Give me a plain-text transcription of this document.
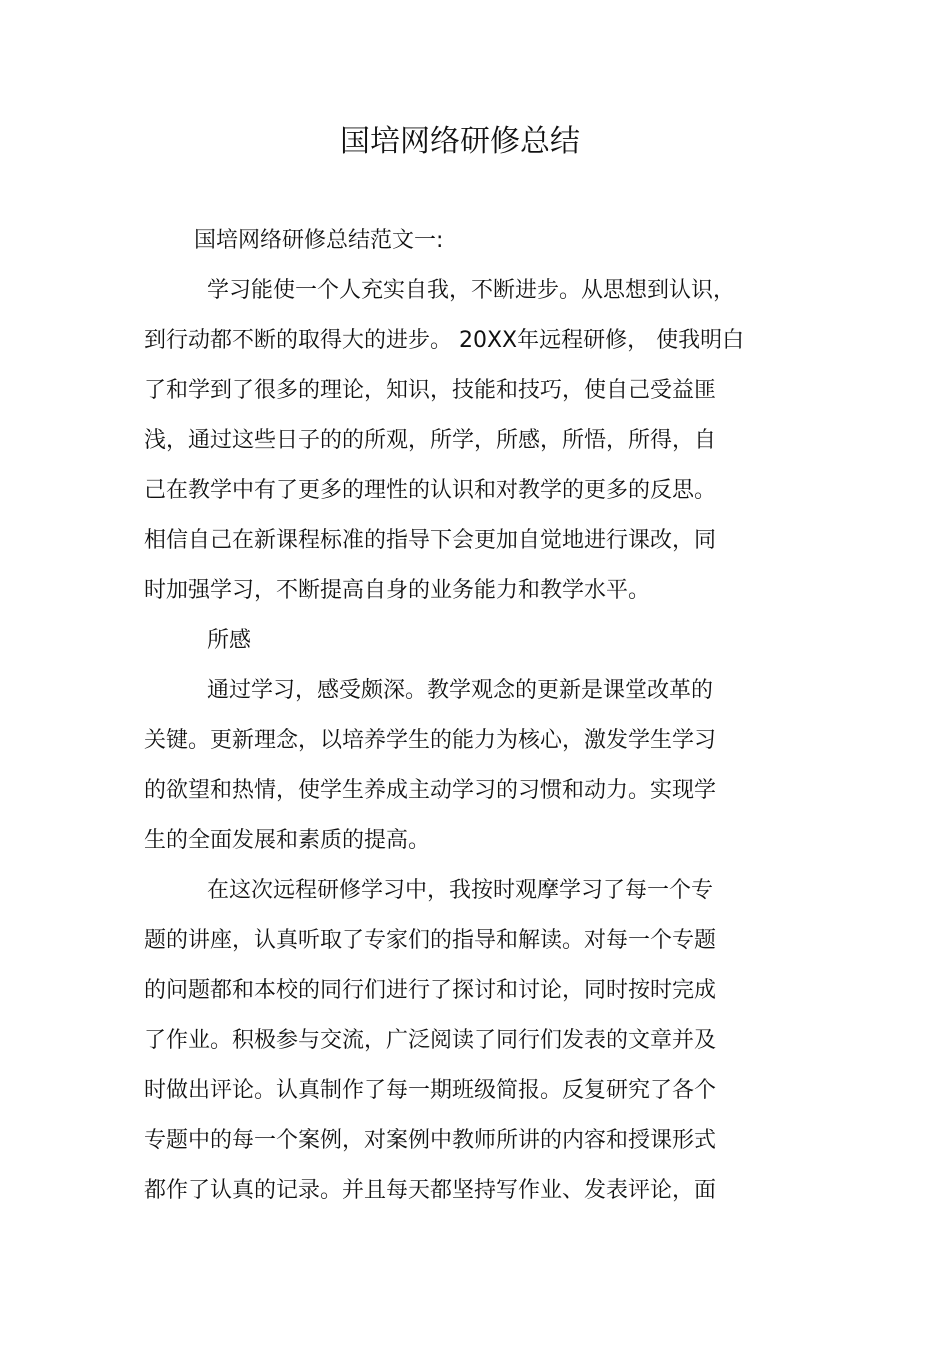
国培网络研修总结
国培网络研修总结范文一:
学习能使一个人充实自我，不断进步。从思想到认识，
到行动都不断的取得大的进步。 20XX年远程研修， 使我明白
了和学到了很多的理论，知识，技能和技巧，使自己受益匪
浅，通过这些日子的的所观，所学，所感，所悟，所得，自
己在教学中有了更多的理性的认识和对教学的更多的反思。
相信自己在新课程标准的指导下会更加自觉地进行课改，同
时加强学习，不断提高自身的业务能力和教学水平。
所感
通过学习，感受颇深。教学观念的更新是课堂改革的
关键。更新理念，以培养学生的能力为核心，激发学生学习
的欲望和热情，使学生养成主动学习的习惯和动力。实现学
生的全面发展和素质的提高。
在这次远程研修学习中，我按时观摩学习了每一个专
题的讲座，认真听取了专家们的指导和解读。对每一个专题
的问题都和本校的同行们进行了探讨和讨论，同时按时完成
了作业。积极参与交流，广泛阅读了同行们发表的文章并及
时做出评论。认真制作了每一期班级简报。反复研究了各个
专题中的每一个案例，对案例中教师所讲的内容和授课形式
都作了认真的记录。并且每天都坚持写作业、发表评论，面
